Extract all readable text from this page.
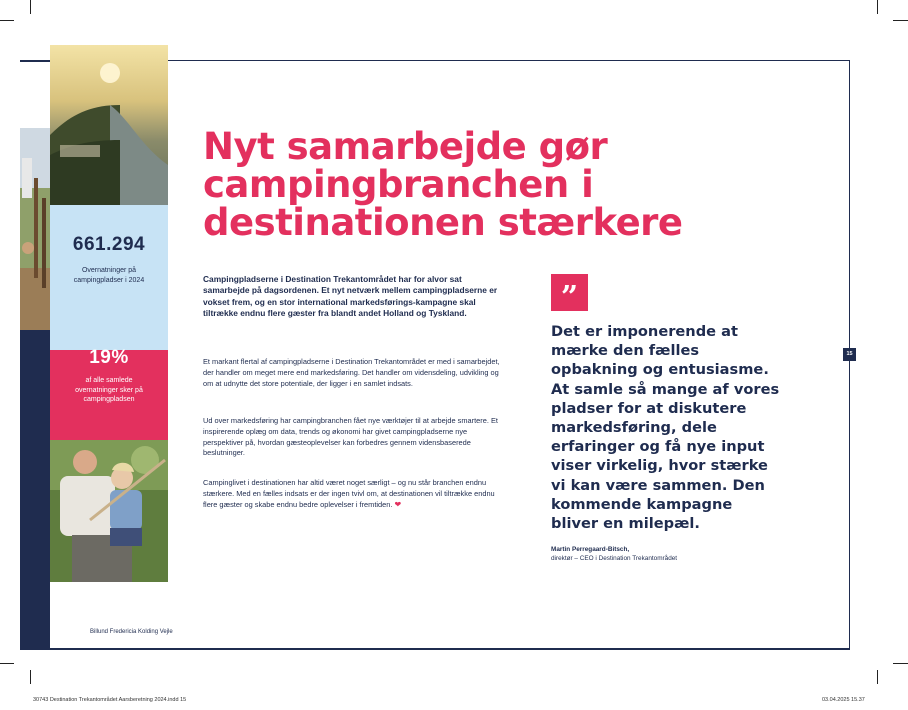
661.294
Overnatninger på campingpladser i 2024
19%
af alle samlede overnatninger sker på campingpladsen
Nyt samarbejde gør campingbranchen i destinationen stærkere

Campingpladserne i Destination Trekantområdet har for alvor sat samarbejde på dagsordenen. Et nyt netværk mellem campingpladserne er vokset frem, og en stor international markedsførings-kampagne skal tiltrække endnu flere gæster fra blandt andet Holland og Tyskland.

Et markant flertal af campingpladserne i Destination Trekantområdet er med i samarbejdet, der handler om meget mere end markedsføring. Det handler om vidensdeling, udvikling og om at udnytte det store potentiale, der ligger i en samlet indsats.

Ud over markedsføring har campingbranchen fået nye værktøjer til at arbejde smartere. Et inspirerende oplæg om data, trends og økonomi har givet campingpladserne nye perspektiver på, hvordan gæsteoplevelser kan forbedres gennem vidensbaserede beslutninger.

Campinglivet i destinationen har altid været noget særligt – og nu står branchen endnu stærkere. Med en fælles indsats er der ingen tvivl om, at destinationen vil tiltrække endnu flere gæster og skabe endnu bedre oplevelser i fremtiden. ❤

”
Det er imponerende at mærke den fælles opbakning og entusiasme. At samle så mange af vores pladser for at diskutere markedsføring, dele erfaringer og få nye input viser virkelig, hvor stærke vi kan være sammen. Den kommende kampagne bliver en milepæl.
Martin Perregaard-Bitsch,
direktør – CEO i Destination Trekantområdet
15
Billund Fredericia Kolding Vejle
30743 Destination Trekantområdet Aarsberetning 2024.indd 15	03.04.2025 15.37
